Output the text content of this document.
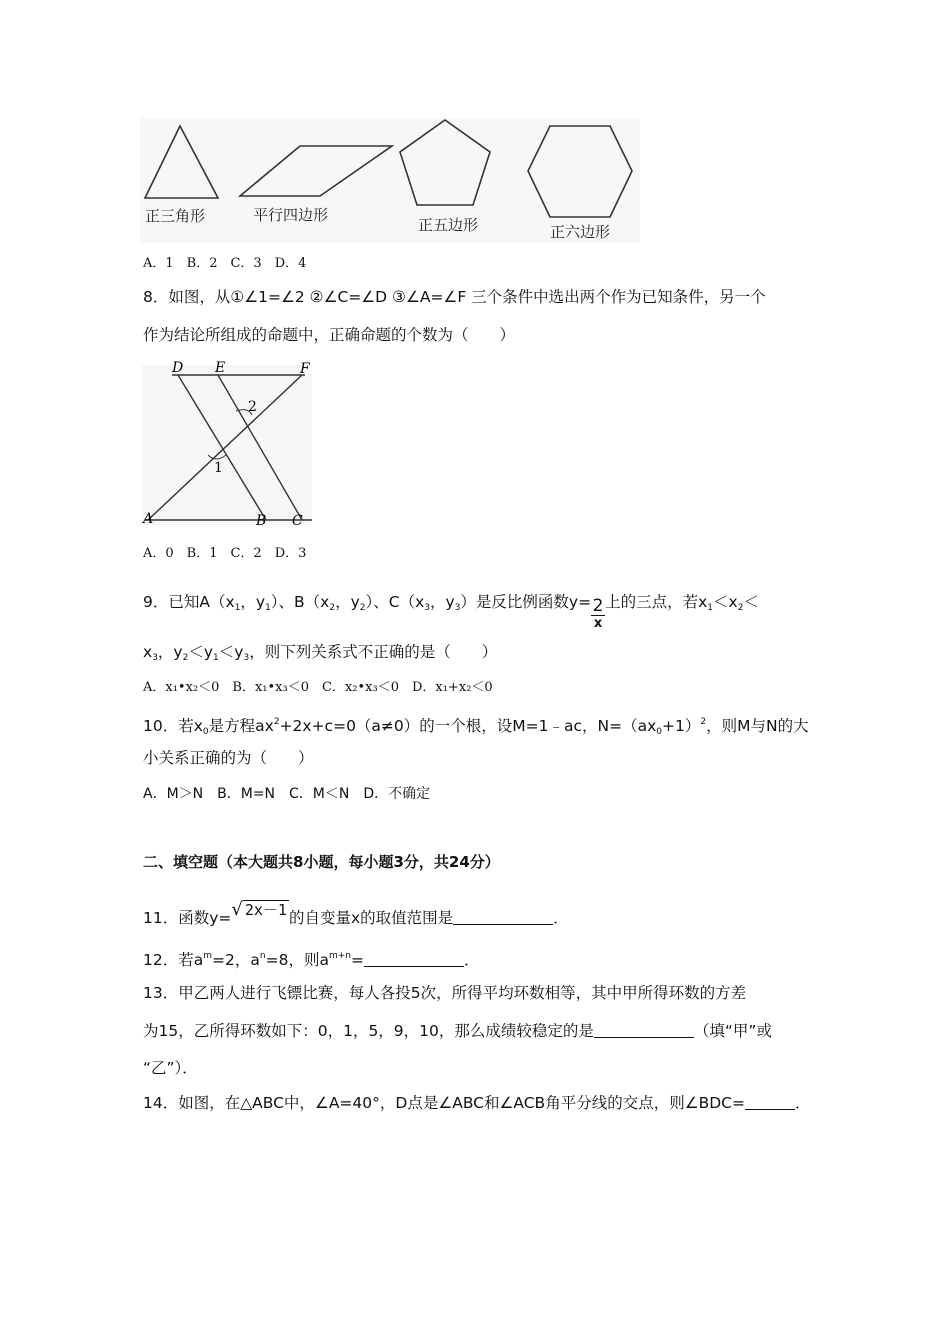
正三角形	平行四边形
正五边形	正六边形
A．1　B．2　C．3　D．4
8．如图，从①∠1=∠2 ②∠C=∠D ③∠A=∠F 三个条件中选出两个作为已知条件，另一个
作为结论所组成的命题中，正确命题的个数为（　　）
D E	F
A	B C
2
1
A．0　B．1　C．2　D．3
9．已知$A(x_1$，$y_1$）、$B(x_2$，$y_2$）、$C(x_3$，$y_3$）是反比例函数$y= \frac{2}{x}$ 上的三点，若$x_1<x_2<$
$x_3$，$y_2<y_1<y_3$，则下列关系式不正确的是（　　）
A．x₁•x₂＜0　B．x₁•x₃＜0　C．x₂•x₃＜0　D．x₁+x₂＜0
10．若$x_0$是方程$ax^2+2x+c=0(a\ne 0)$的一个根，设M=1﹣ac，$N=(ax_0+1)^2$，则M与N的大
小关系正确的为（　　）
A．M＞N　B．M=N　C．M＜N　D．不确定
二、填空题（本大题共8小题，每小题3分，共24分）
11．函数y=√ 2x－1 的自变量x的取值范围是	．
12．若$a^m=2$，$a^n=8$，则$a^{m+n}=$	．
13．甲乙两人进行飞镖比赛，每人各投5次，所得平均环数相等，其中甲所得环数的方差
为15，乙所得环数如下：0，1，5，9，10，那么成绩较稳定的是	（填“甲”或
“乙”）．
14．如图，在△ABC中，∠A=40°，D点是∠ABC和∠ACB角平分线的交点，则∠BDC=	．
